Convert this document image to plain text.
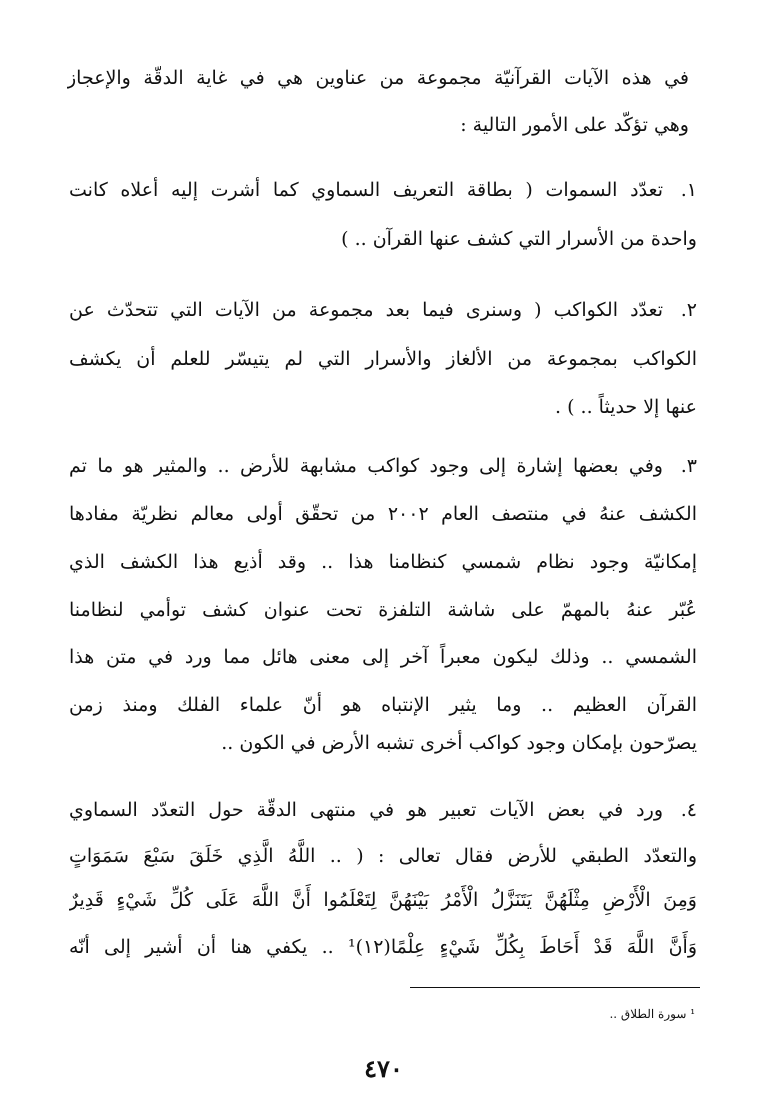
في هذه الآيات القرآنيّة مجموعة من عناوين هي في غاية الدقّة والإعجاز
وهي تؤكّد على الأمور التالية :
١.
تعدّد السموات ( بطاقة التعريف السماوي كما أشرت إليه أعلاه كانت
واحدة من الأسرار التي كشف عنها القرآن .. )
٢.
تعدّد الكواكب ( وسنرى فيما بعد مجموعة من الآيات التي تتحدّث عن
الكواكب بمجموعة من الألغاز والأسرار التي لم يتيسّر للعلم أن يكشف
عنها إلا حديثاً .. ) .
٣.
وفي بعضها إشارة إلى وجود كواكب مشابهة للأرض .. والمثير هو ما تم
الكشف عنهُ في منتصف العام ٢٠٠٢ من تحقّق أولى معالم نظريّة مفادها
إمكانيّة وجود نظام شمسي كنظامنا هذا .. وقد أذيع هذا الكشف الذي
عُبّر عنهُ بالمهمّ على شاشة التلفزة تحت عنوان كشف توأمي لنظامنا
الشمسي .. وذلك ليكون معبراً آخر إلى معنى هائل مما ورد في متن هذا
القرآن العظيم .. وما يثير الإنتباه هو أنّ علماء الفلك ومنذ زمن
يصرّحون بإمكان وجود كواكب أخرى تشبه الأرض في الكون ..
٤.
ورد في بعض الآيات تعبير هو في منتهى الدقّة حول التعدّد السماوي
والتعدّد الطبقي للأرض فقال تعالى : ( .. اللَّهُ الَّذِي خَلَقَ سَبْعَ سَمَوَاتٍ
وَمِنَ الْأَرْضِ مِثْلَهُنَّ يَتَنَزَّلُ الْأَمْرُ بَيْنَهُنَّ لِتَعْلَمُوا أَنَّ اللَّهَ عَلَى كُلِّ شَيْءٍ قَدِيرٌ
وَأَنَّ اللَّهَ قَدْ أَحَاطَ بِكُلِّ شَيْءٍ عِلْمًا(١٢)¹ .. يكفي هنا أن أشير إلى أنّه
¹ سورة الطلاق ..
٤٧٠
